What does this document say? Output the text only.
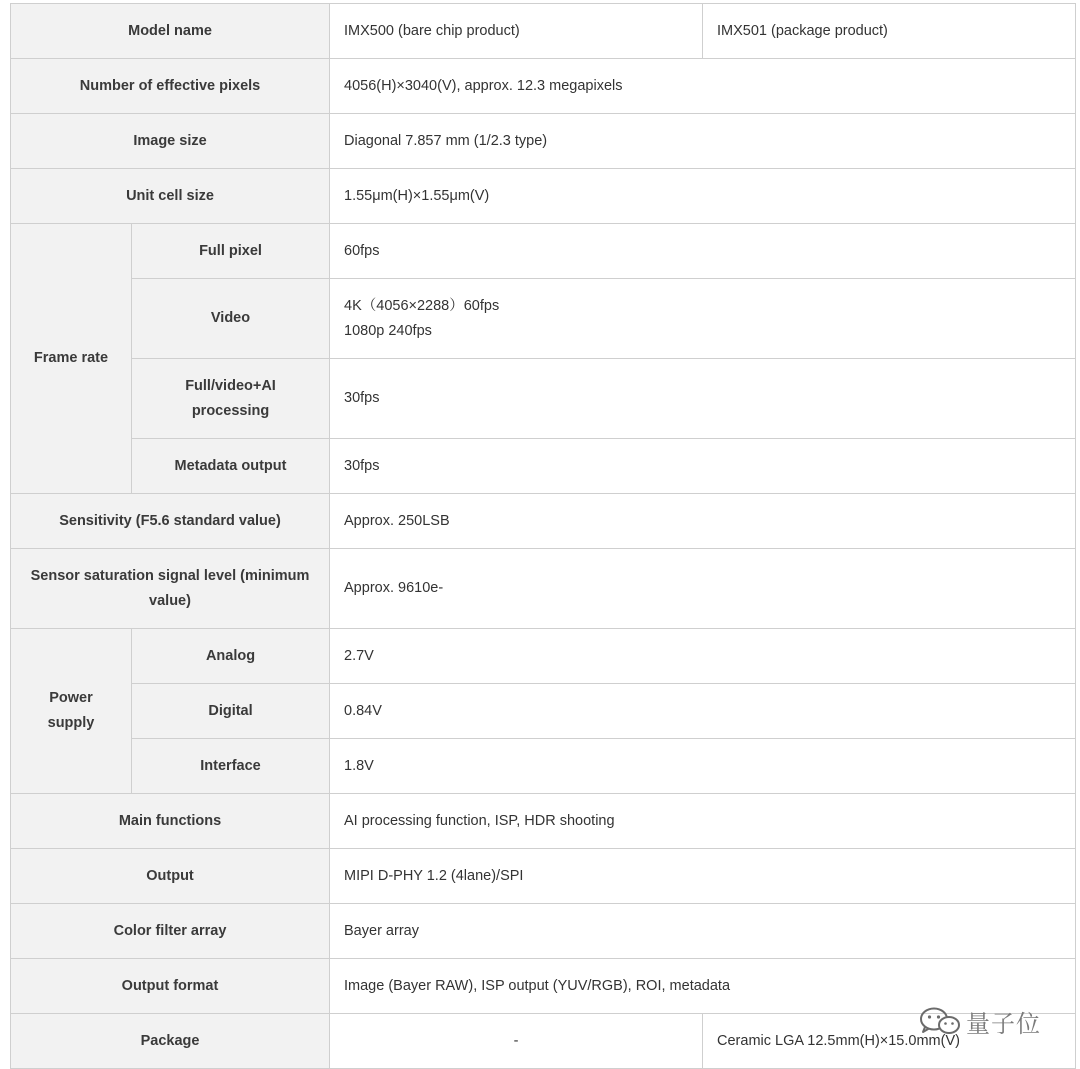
Model name		IMX500 (bare chip product)	IMX501 (package product)
Number of effective pixels		4056(H)×3040(V), approx. 12.3 megapixels	
Image size		Diagonal 7.857 mm (1/2.3 type)	
Unit cell size		1.55μm(H)×1.55μm(V)	
Frame rate	Full pixel	60fps	
	Video	4K（4056×2288）60fps
1080p 240fps	

	Full/video+AI
processing	30fps	
	Metadata output	30fps	
Sensitivity (F5.6 standard value)		Approx. 250LSB	

Sensor saturation signal level (minimum
value)		Approx. 9610e-	

Power
supply	Analog	2.7V	
	Digital	0.84V	
	Interface	1.8V	
Main functions		AI processing function, ISP, HDR shooting	
Output		MIPI D-PHY 1.2 (4lane)/SPI	
Color filter array		Bayer array	
Output format		Image (Bayer RAW), ISP output (YUV/RGB), ROI, metadata	
Package		-	Ceramic LGA 12.5mm(H)×15.0mm(V)
量子位
